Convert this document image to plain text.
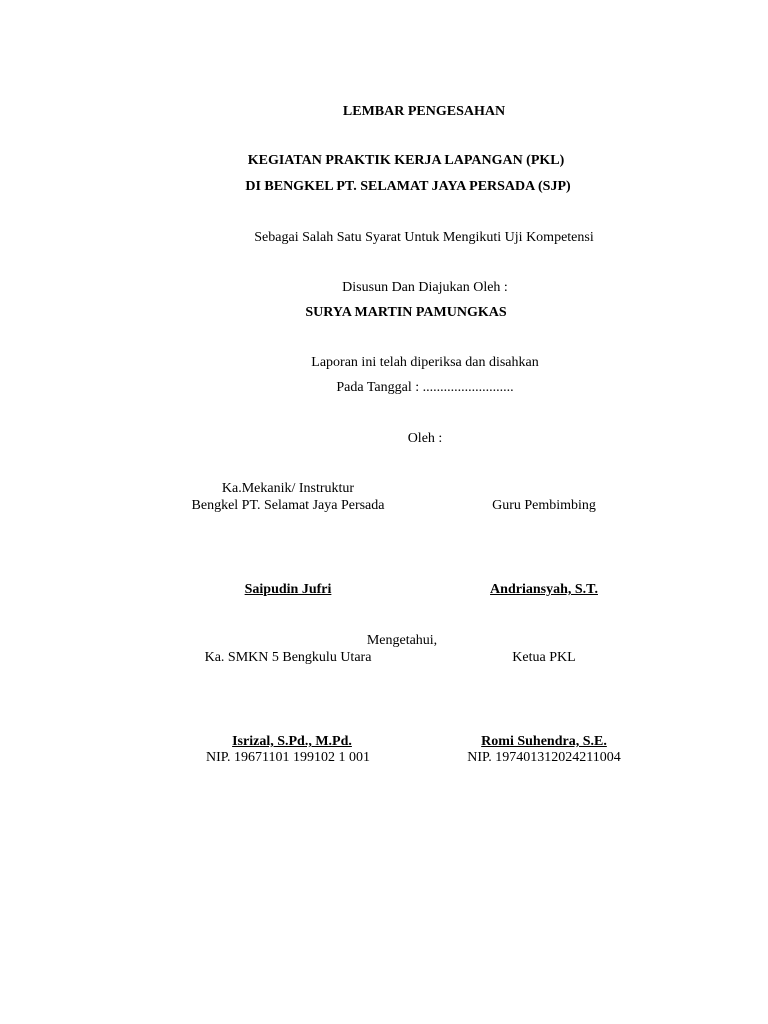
LEMBAR PENGESAHAN
KEGIATAN PRAKTIK KERJA LAPANGAN (PKL)
DI BENGKEL PT. SELAMAT JAYA PERSADA (SJP)
Sebagai Salah Satu Syarat Untuk Mengikuti Uji Kompetensi
Disusun Dan Diajukan Oleh :
SURYA MARTIN PAMUNGKAS
Laporan ini telah diperiksa dan disahkan
Pada Tanggal : ..........................
Oleh :
Ka.Mekanik/ Instruktur
Bengkel PT. Selamat Jaya Persada	Guru Pembimbing
Saipudin Jufri	Andriansyah, S.T.
Mengetahui,
Ka. SMKN 5 Bengkulu Utara	Ketua PKL
Isrizal, S.Pd., M.Pd.	Romi Suhendra, S.E.
NIP. 19671101 199102 1 001	NIP. 197401312024211004
